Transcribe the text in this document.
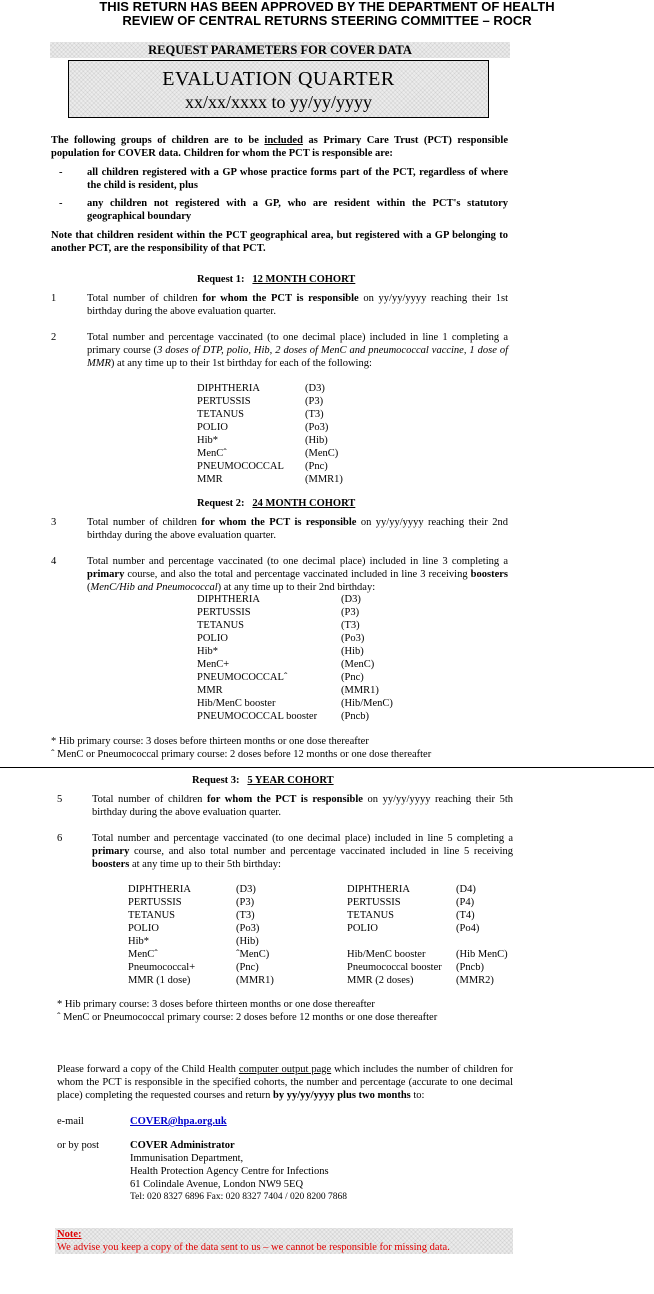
THIS RETURN HAS BEEN APPROVED BY THE DEPARTMENT OF HEALTH
REVIEW OF CENTRAL RETURNS STEERING COMMITTEE – ROCR
REQUEST PARAMETERS FOR COVER DATA
EVALUATION QUARTER
xx/xx/xxxx to yy/yy/yyyy
The following groups of children are to be included as Primary Care Trust (PCT) responsible population for COVER data. Children for whom the PCT is responsible are:
- all children registered with a GP whose practice forms part of the PCT, regardless of where the child is resident, plus
- any children not registered with a GP, who are resident within the PCT's statutory geographical boundary
Note that children resident within the PCT geographical area, but registered with a GP belonging to another PCT, are the responsibility of that PCT.
Request 1: 12 MONTH COHORT
1	Total number of children for whom the PCT is responsible on yy/yy/yyyy reaching their 1st birthday during the above evaluation quarter.
2	Total number and percentage vaccinated (to one decimal place) included in line 1 completing a primary course (3 doses of DTP, polio, Hib, 2 doses of MenC and pneumococcal vaccine, 1 dose of MMR) at any time up to their 1st birthday for each of the following:
DIPHTHERIA	(D3)
PERTUSSIS	(P3)
TETANUS	(T3)
POLIO	(Po3)
Hib*	(Hib)
MenCˆ	(MenC)
PNEUMOCOCCAL (Pnc)
MMR	(MMR1)
Request 2: 24 MONTH COHORT
3	Total number of children for whom the PCT is responsible on yy/yy/yyyy reaching their 2nd birthday during the above evaluation quarter.
4	Total number and percentage vaccinated (to one decimal place) included in line 3 completing a primary course, and also the total and percentage vaccinated included in line 3 receiving boosters (MenC/Hib and Pneumococcal) at any time up to their 2nd birthday:
DIPHTHERIA	(D3)
PERTUSSIS	(P3)
TETANUS	(T3)
POLIO	(Po3)
Hib*	(Hib)
MenC+	(MenC)
PNEUMOCOCCALˆ	(Pnc)
MMR	(MMR1)
Hib/MenC booster	(Hib/MenC)
PNEUMOCOCCAL booster (Pncb)
* Hib primary course: 3 doses before thirteen months or one dose thereafter
ˆ MenC or Pneumococcal primary course: 2 doses before 12 months or one dose thereafter
Request 3: 5 YEAR COHORT
5	Total number of children for whom the PCT is responsible on yy/yy/yyyy reaching their 5th birthday during the above evaluation quarter.
6	Total number and percentage vaccinated (to one decimal place) included in line 5 completing a primary course, and also total number and percentage vaccinated included in line 5 receiving boosters at any time up to their 5th birthday:
DIPHTHERIA	(D3)
PERTUSSIS	(P3)
TETANUS	(T3)
POLIO	(Po3)
Hib*	(Hib)
MenCˆ	ˆMenC)
Pneumococcal+	(Pnc)
MMR (1 dose)	(MMR1)
DIPHTHERIA	(D4)
PERTUSSIS	(P4)
TETANUS	(T4)
POLIO	(Po4)
Hib/MenC booster	(Hib MenC)
Pneumococcal booster (Pncb)
MMR (2 doses)	(MMR2)
* Hib primary course: 3 doses before thirteen months or one dose thereafter
ˆ MenC or Pneumococcal primary course: 2 doses before 12 months or one dose thereafter
Please forward a copy of the Child Health computer output page which includes the number of children for whom the PCT is responsible in the specified cohorts, the number and percentage (accurate to one decimal place) completing the requested courses and return by yy/yy/yyyy plus two months to:
e-mail	COVER@hpa.org.uk
or by post	COVER Administrator
Immunisation Department,
Health Protection Agency Centre for Infections
61 Colindale Avenue, London NW9 5EQ
Tel: 020 8327 6896 Fax: 020 8327 7404 / 020 8200 7868
Note:
We advise you keep a copy of the data sent to us – we cannot be responsible for missing data.
